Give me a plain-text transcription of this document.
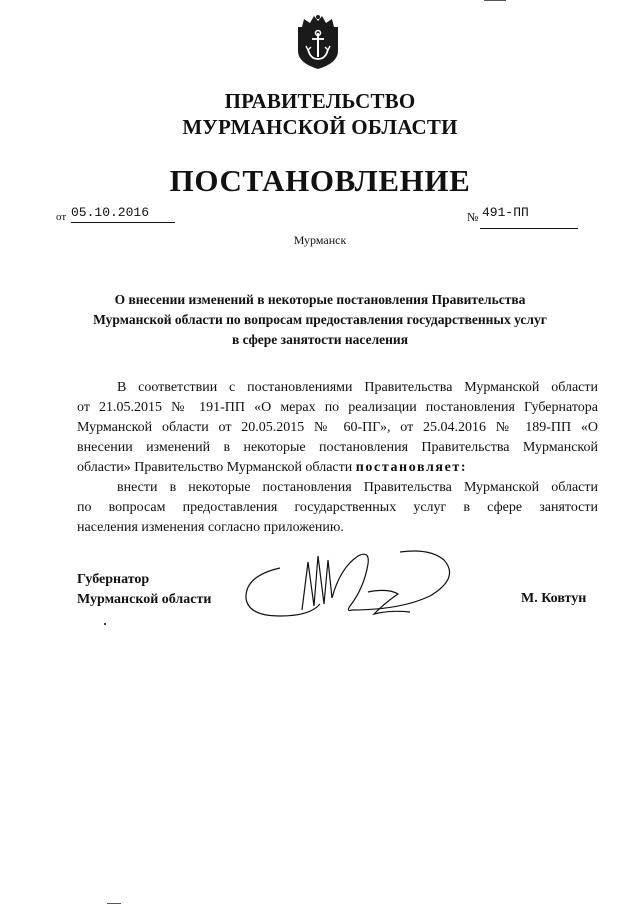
ПРАВИТЕЛЬСТВО
МУРМАНСКОЙ ОБЛАСТИ
ПОСТАНОВЛЕНИЕ
от 05.10.2016	№ 491-ПП
Мурманск
О внесении изменений в некоторые постановления Правительства
Мурманской области по вопросам предоставления государственных услуг
в сфере занятости населения
В соответствии с постановлениями Правительства Мурманской области
от 21.05.2015 № 191-ПП «О мерах по реализации постановления Губернатора
Мурманской области от 20.05.2015 № 60-ПГ», от 25.04.2016 № 189-ПП «О
внесении изменений в некоторые постановления Правительства Мурманской
области» Правительство Мурманской области постановляет:
внести в некоторые постановления Правительства Мурманской области
по вопросам предоставления государственных услуг в сфере занятости
населения изменения согласно приложению.
Губернатор
Мурманской области	М. Ковтун
